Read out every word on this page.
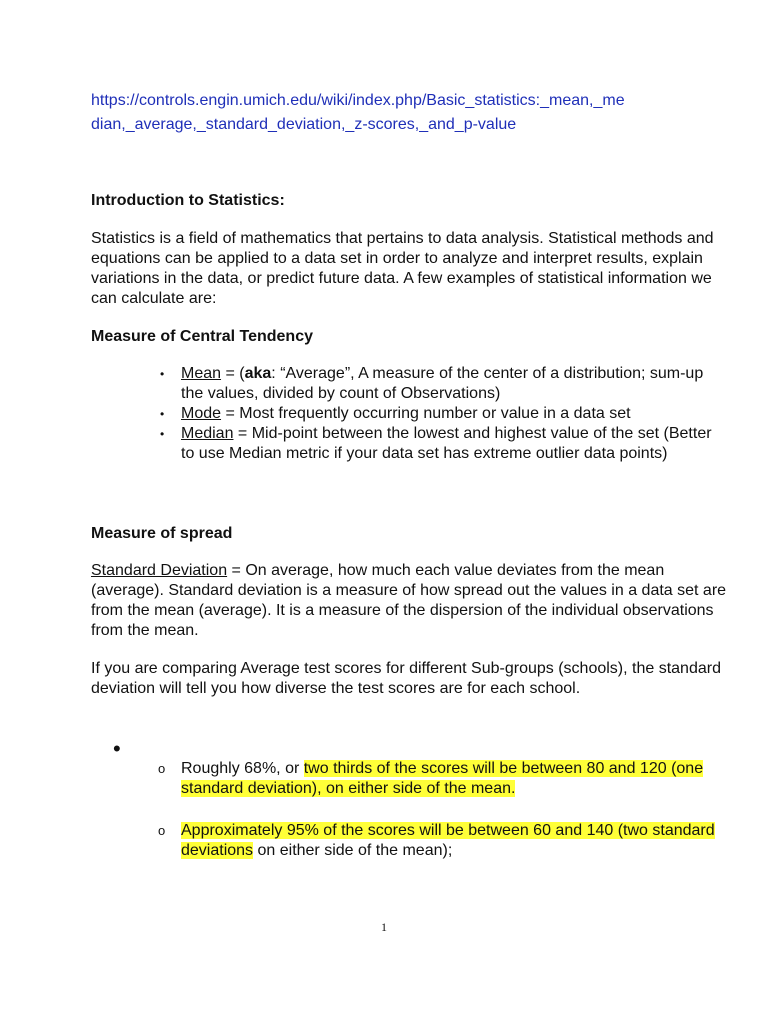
https://controls.engin.umich.edu/wiki/index.php/Basic_statistics:_mean,_me
dian,_average,_standard_deviation,_z-scores,_and_p-value

Introduction to Statistics:

Statistics is a field of mathematics that pertains to data analysis. Statistical methods and equations can be applied to a data set in order to analyze and interpret results, explain variations in the data, or predict future data. A few examples of statistical information we can calculate are:

Measure of Central Tendency

• Mean = (aka: “Average”, A measure of the center of a distribution; sum-up the values, divided by count of Observations)
• Mode = Most frequently occurring number or value in a data set
• Median = Mid-point between the lowest and highest value of the set (Better to use Median metric if your data set has extreme outlier data points)

Measure of spread

Standard Deviation = On average, how much each value deviates from the mean (average). Standard deviation is a measure of how spread out the values in a data set are from the mean (average). It is a measure of the dispersion of the individual observations from the mean.

If you are comparing Average test scores for different Sub-groups (schools), the standard deviation will tell you how diverse the test scores are for each school.

•
o Roughly 68%, or two thirds of the scores will be between 80 and 120 (one standard deviation), on either side of the mean.
o Approximately 95% of the scores will be between 60 and 140 (two standard deviations on either side of the mean);
1
